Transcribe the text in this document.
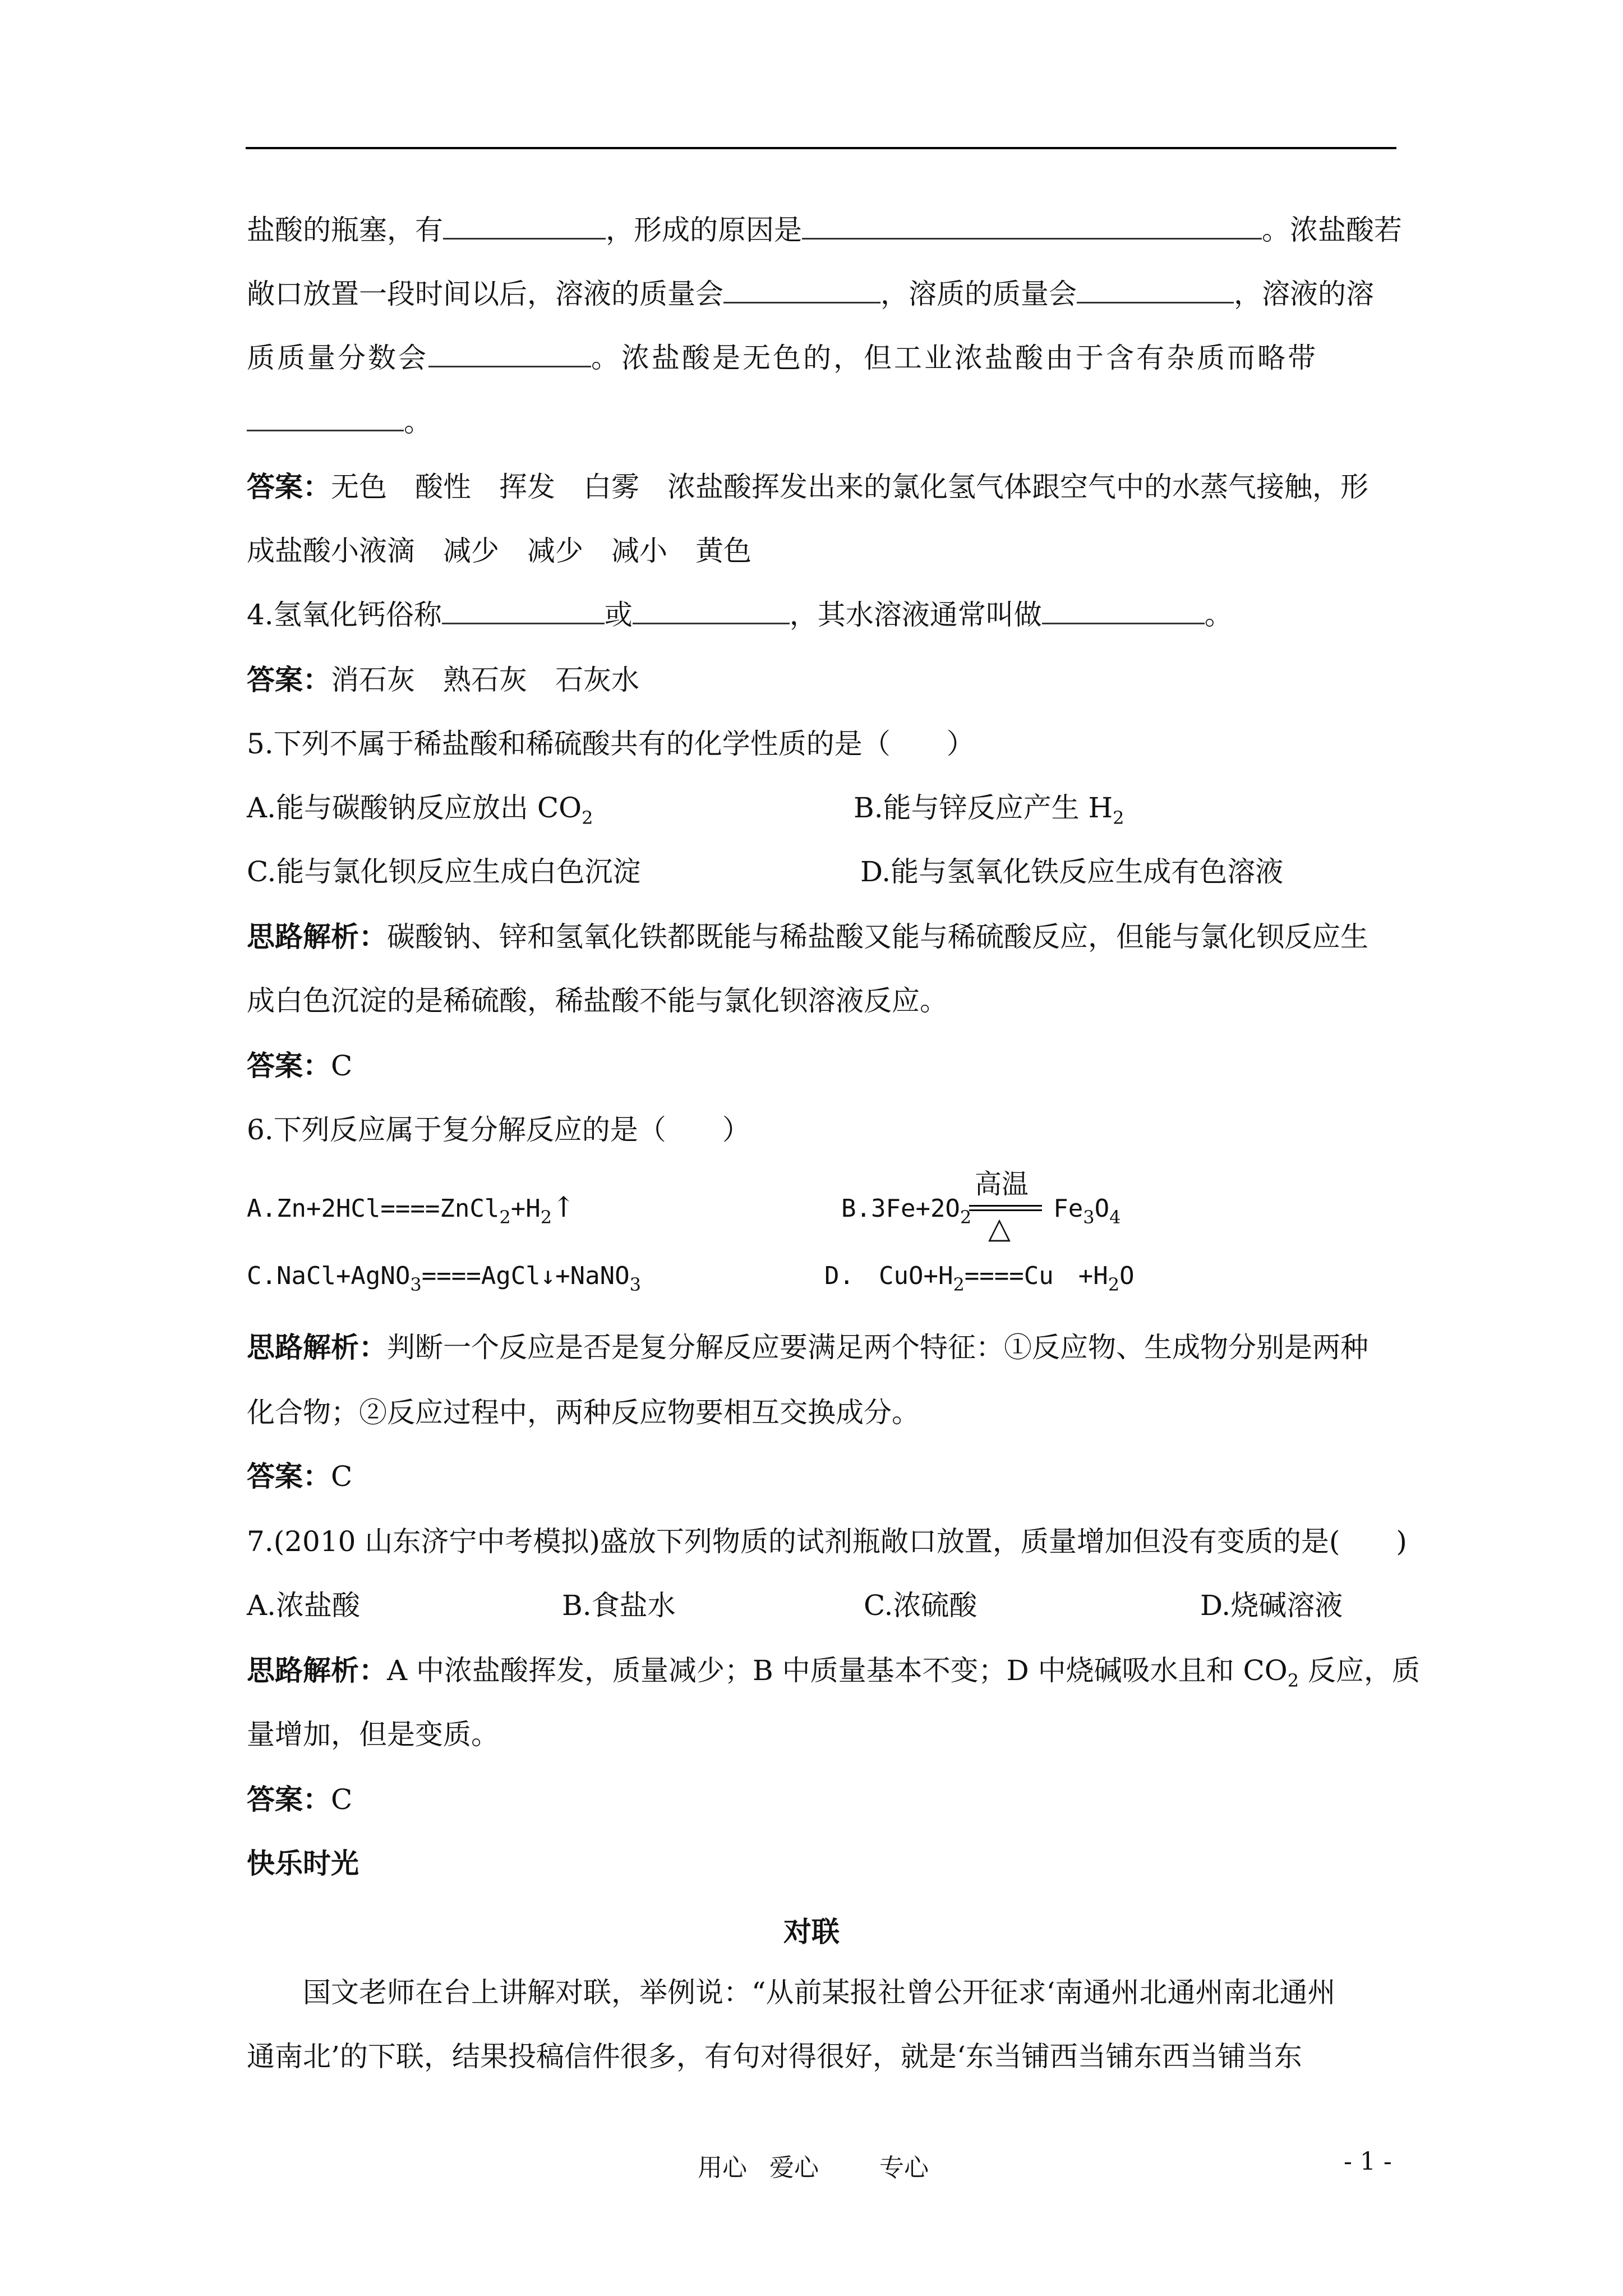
盐酸的瓶塞，有	，形成的原因是	。浓盐酸若
敞口放置一段时间以后，溶液的质量会	，溶质的质量会	，溶液的溶
质质量分数会	。浓盐酸是无色的，但工业浓盐酸由于含有杂质而略带
。
答案：无色　酸性　挥发　白雾　浓盐酸挥发出来的氯化氢气体跟空气中的水蒸气接触，形
成盐酸小液滴　减少　减少　减小　黄色
4.氢氧化钙俗称	或	，其水溶液通常叫做	。
答案：消石灰　熟石灰　石灰水
5.下列不属于稀盐酸和稀硫酸共有的化学性质的是（　　）
A.能与碳酸钠反应放出 $CO_2$	B.能与锌反应产生 $H_2$
C.能与氯化钡反应生成白色沉淀	D.能与氢氧化铁反应生成有色溶液
思路解析：碳酸钠、锌和氢氧化铁都既能与稀盐酸又能与稀硫酸反应，但能与氯化钡反应生
成白色沉淀的是稀硫酸，稀盐酸不能与氯化钡溶液反应。
答案：C
6.下列反应属于复分解反应的是（　　）
$A.Zn+2HCl====ZnCl_2+H_2↑$	$B.3Fe+2O_2$	$Fe_3O_4$
高温
△
C.NaCl+AgNO$_3$====AgCl↓+NaNO$_3$	D.　$CuO+H_2====Cu$　$+H_2O$
思路解析：判断一个反应是否是复分解反应要满足两个特征：①反应物、生成物分别是两种
化合物；②反应过程中，两种反应物要相互交换成分。
答案：C
7.(2010 山东济宁中考模拟)盛放下列物质的试剂瓶敞口放置，质量增加但没有变质的是(　　)
A.浓盐酸	B.食盐水	C.浓硫酸	D.烧碱溶液
思路解析：A 中浓盐酸挥发，质量减少；B 中质量基本不变；D 中烧碱吸水且和 $CO_2$ 反应，质
量增加，但是变质。
答案：C
快乐时光
对联
　　国文老师在台上讲解对联，举例说：“从前某报社曾公开征求‘南通州北通州南北通州
通南北’的下联，结果投稿信件很多，有句对得很好，就是‘东当铺西当铺东西当铺当东
用心 爱心 专心	- 1 -
